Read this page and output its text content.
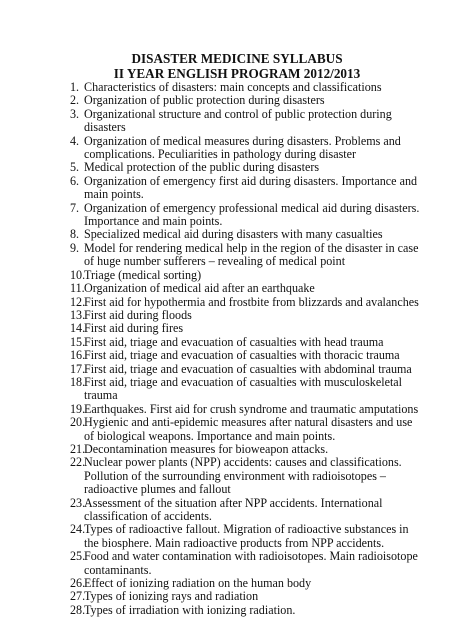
DISASTER MEDICINE SYLLABUS
II YEAR ENGLISH PROGRAM 2012/2013
1. Characteristics of disasters: main concepts and classifications
2. Organization of public protection during disasters
3. Organizational structure and control of public protection during disasters
4. Organization of medical measures during disasters. Problems and complications. Peculiarities in pathology during disaster
5. Medical protection of the public during disasters
6. Organization of emergency first aid during disasters. Importance and main points.
7. Organization of emergency professional medical aid during disasters. Importance and main points.
8. Specialized medical aid during disasters with many casualties
9. Model for rendering medical help in the region of the disaster in case of huge number sufferers – revealing of medical point
10.
Triage (medical sorting)
11. Organization of medical aid after an earthquake
12.
First aid for hypothermia and frostbite from blizzards and avalanches
13.
First aid during floods
14.
First aid during fires
15.
First aid, triage and evacuation of casualties with head trauma
16.
First aid, triage and evacuation of casualties with thoracic trauma
17.
First aid, triage and evacuation of casualties with abdominal trauma
18.
First aid, triage and evacuation of casualties with musculoskeletal trauma
19.
Earthquakes. First aid for crush syndrome and traumatic amputations
20.
Hygienic and anti-epidemic measures after natural disasters and use of biological weapons. Importance and main points.
21.
Decontamination measures for bioweapon attacks.
22.
Nuclear power plants (NPP) accidents: causes and classifications. Pollution of the surrounding environment with radioisotopes – radioactive plumes and fallout
23.
Assessment of the situation after NPP accidents. International classification of accidents.
24.
Types of radioactive fallout. Migration of radioactive substances in the biosphere. Main radioactive products from NPP accidents.
25.
Food and water contamination with radioisotopes. Main radioisotope contaminants.
26.
Effect of ionizing radiation on the human body
27.
Types of ionizing rays and radiation
28.
Types of irradiation with ionizing radiation.
